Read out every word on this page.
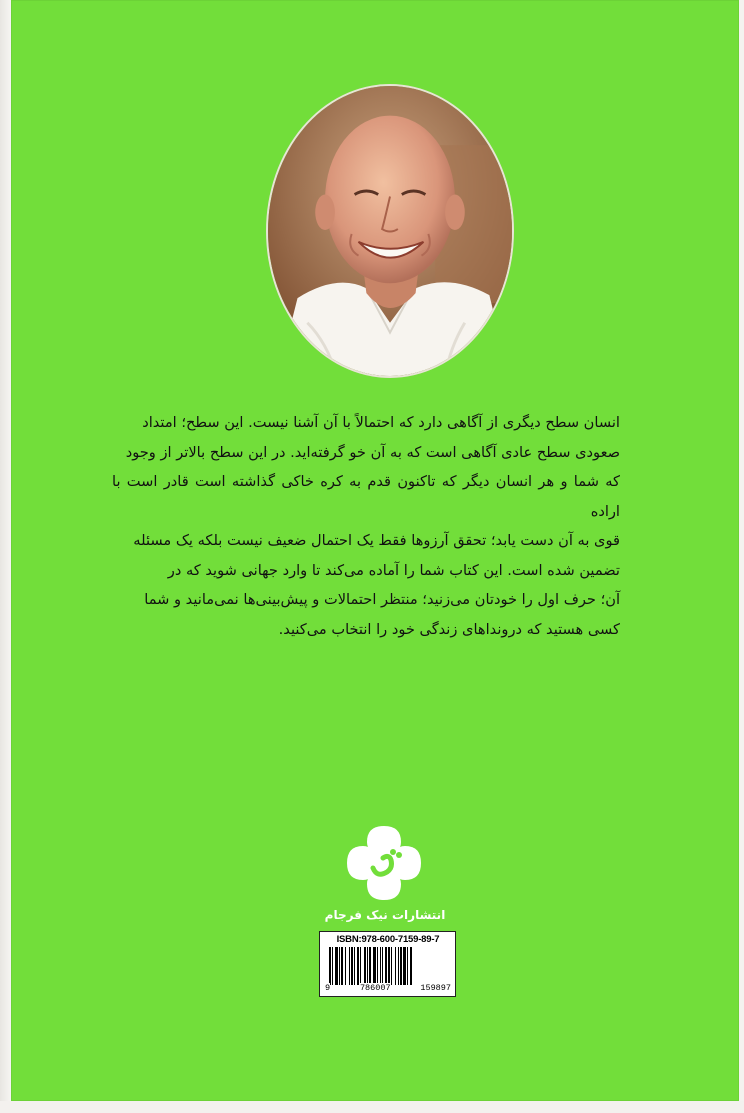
انسان سطح دیگری از آگاهی دارد که احتمالاً با آن آشنا نیست. این سطح؛ امتداد
صعودی سطح عادی آگاهی است که به آن خو گرفته‌اید. در این سطح بالاتر از وجود
که شما و هر انسان دیگر که تاکنون قدم به کره خاکی گذاشته است قادر است با اراده
قوی به آن دست یابد؛ تحقق آرزوها فقط یک احتمال ضعیف نیست بلکه یک مسئله
تضمین شده است. این کتاب شما را آماده می‌کند تا وارد جهانی شوید که در
آن؛ حرف اول را خودتان می‌زنید؛ منتظر احتمالات و پیش‌بینی‌ها نمی‌مانید و شما
کسی هستید که درونداهای زندگی خود را انتخاب می‌کنید.
انتشارات نیک فرجام
ISBN:978-600-7159-89-7
9	786007	159897
